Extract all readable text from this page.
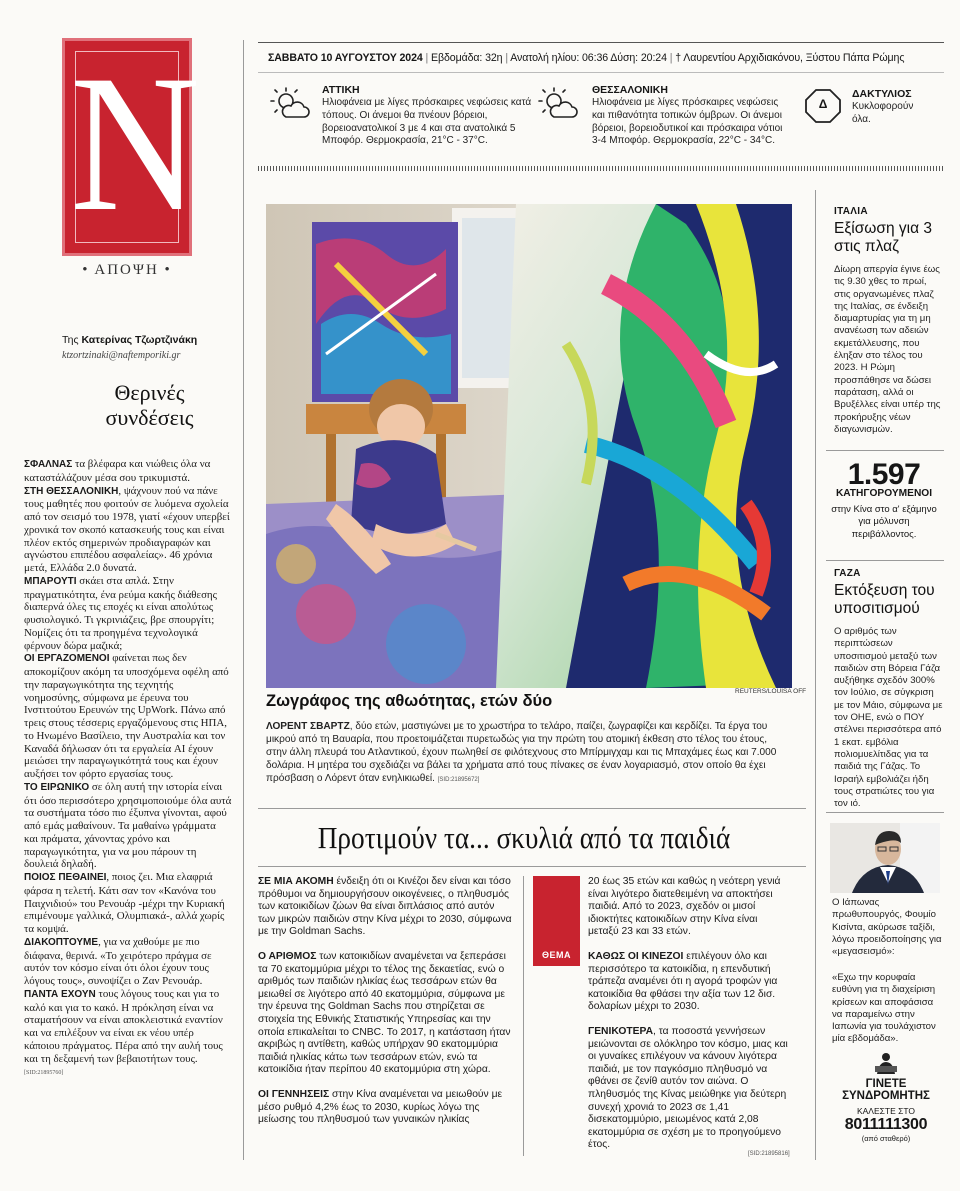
N
• ΑΠΟΨΗ •
Της Κατερίνας Τζωρτζινάκη
ktzortzinaki@naftemporiki.gr
Θερινές
συνδέσεις

ΣΦΑΛΝΑΣ τα βλέφαρα και νιώθεις όλα να καταστάλάζουν μέσα σου τρικυμιστά.

ΣΤΗ ΘΕΣΣΑΛΟΝΙΚΗ, ψάχνουν πού να πάνε τους μαθητές που φοιτούν σε λυόμενα σχολεία από τον σεισμό του 1978, γιατί «έχουν υπερβεί χρονικά τον σκοπό κατασκευής τους και είναι πλέον εκτός σημερινών προδιαγραφών και αγνώστου επιπέδου ασφαλείας». 46 χρόνια μετά, Ελλάδα 2.0 δυνατά.

ΜΠΑΡΟΥΤΙ σκάει στα απλά. Στην πραγματικότητα, ένα ρεύμα κακής διάθεσης διαπερνά όλες τις εποχές κι είναι απολύτως φυσιολογικό. Τι γκρινιάζεις, βρε σπουργίτι; Νομίζεις ότι τα προηγμένα τεχνολογικά φέρνουν δώρα μαζικά;

ΟΙ ΕΡΓΑΖΟΜΕΝΟΙ φαίνεται πως δεν αποκομίζουν ακόμη τα υποσχόμενα οφέλη από την παραγωγικότητα της τεχνητής νοημοσύνης, σύμφωνα με έρευνα του Ινστιτούτου Ερευνών της UpWork. Πάνω από τρεις στους τέσσερις εργαζόμενους στις ΗΠΑ, το Ηνωμένο Βασίλειο, την Αυστραλία και τον Καναδά δήλωσαν ότι τα εργαλεία AI έχουν μειώσει την παραγωγικότητά τους και έχουν αυξήσει τον φόρτο εργασίας τους.

ΤΟ ΕΙΡΩΝΙΚΟ σε όλη αυτή την ιστορία είναι ότι όσο περισσότερο χρησιμοποιούμε όλα αυτά τα συστήματα τόσο πιο έξυπνα γίνονται, αφού από εμάς μαθαίνουν. Τα μαθαίνω γράμματα και πράματα, χάνοντας χρόνο και παραγωγικότητα, για να μου πάρουν τη δουλειά δηλαδή.

ΠΟΙΟΣ ΠΕΘΑΙΝΕΙ, ποιος ζει. Μια ελαφριά φάρσα η τελετή. Κάτι σαν τον «Κανόνα του Παιχνιδιού» του Ρενουάρ -μέχρι την Κυριακή επιμένουμε γαλλικά, Ολυμπιακά-, αλλά χωρίς τα κομψά.

ΔΙΑΚΟΠΤΟΥΜΕ, για να χαθούμε με πιο διάφανα, θερινά. «Το χειρότερο πράγμα σε αυτόν τον κόσμο είναι ότι όλοι έχουν τους λόγους τους», συνοψίζει ο Ζαν Ρενουάρ.

ΠΑΝΤΑ ΕΧΟΥΝ τους λόγους τους και για το καλό και για το κακό. Η πρόκληση είναι να σταματήσουν να είναι αποκλειστικά εναντίον και να επιλέξουν να είναι εκ νέου υπέρ κάποιου πράγματος. Πέρα από την αυλή τους και τη δεξαμενή των βεβαιοτήτων τους. [SID:21895760]

ΣΑΒΒΑΤΟ 10 ΑΥΓΟΥΣΤΟΥ 2024 | Εβδομάδα: 32η | Ανατολή ηλίου: 06:36 Δύση: 20:24 | † Λαυρεντίου Αρχιδιακόνου, Ξύστου Πάπα Ρώμης
ΑΤΤΙΚΗ
Ηλιοφάνεια με λίγες πρόσκαιρες νεφώσεις κατά τόπους. Οι άνεμοι θα πνέουν βόρειοι, βορειοανατολικοί 3 με 4 και στα ανατολικά 5 Μποφόρ. Θερμοκρασία, 21°C - 37°C.
ΘΕΣΣΑΛΟΝΙΚΗ
Ηλιοφάνεια με λίγες πρόσκαιρες νεφώσεις και πιθανότητα τοπικών όμβρων. Οι άνεμοι βόρειοι, βορειοδυτικοί και πρόσκαιρα νότιοι 3-4 Μποφόρ. Θερμοκρασία, 22°C - 34°C.
Δ
ΔΑΚΤΥΛΙΟΣ
Κυκλοφορούν όλα.
REUTERS/LOUISA OFF
Ζωγράφος της αθωότητας, ετών δύο
ΛΟΡΕΝΤ ΣΒΑΡΤΖ, δύο ετών, μαστιγώνει με το χρωστήρα το τελάρο, παίζει, ζωγραφίζει και κερδίζει. Τα έργα του μικρού από τη Βαυαρία, που προετοιμάζεται πυρετωδώς για την πρώτη του ατομική έκθεση στο τέλος του έτους, στην άλλη πλευρά του Ατλαντικού, έχουν πωληθεί σε φιλότεχνους στο Μπίρμιγχαμ και τις Μπαχάμες έως και 7.000 δολάρια. Η μητέρα του σχεδιάζει να βάλει τα χρήματα από τους πίνακες σε έναν λογαριασμό, στον οποίο θα έχει πρόσβαση ο Λόρεντ όταν ενηλικιωθεί. [SID:21895672]
Προτιμούν τα... σκυλιά από τα παιδιά

ΣΕ ΜΙΑ ΑΚΟΜΗ ένδειξη ότι οι Κινέζοι δεν είναι και τόσο πρόθυμοι να δημιουργήσουν οικογένειες, ο πληθυσμός των κατοικιδίων ζώων θα είναι διπλάσιος από αυτόν των μικρών παιδιών στην Κίνα μέχρι το 2030, σύμφωνα με την Goldman Sachs.

Ο ΑΡΙΘΜΟΣ των κατοικιδίων αναμένεται να ξεπεράσει τα 70 εκατομμύρια μέχρι το τέλος της δεκαετίας, ενώ ο αριθμός των παιδιών ηλικίας έως τεσσάρων ετών θα μειωθεί σε λιγότερο από 40 εκατομμύρια, σύμφωνα με την έρευνα της Goldman Sachs που στηρίζεται σε στοιχεία της Εθνικής Στατιστικής Υπηρεσίας και την οποία επικαλείται το CNBC. Το 2017, η κατάσταση ήταν ακριβώς η αντίθετη, καθώς υπήρχαν 90 εκατομμύρια παιδιά ηλικίας κάτω των τεσσάρων ετών, ενώ τα κατοικίδια ήταν περίπου 40 εκατομμύρια στη χώρα.

ΟΙ ΓΕΝΝΗΣΕΙΣ στην Κίνα αναμένεται να μειωθούν με μέσο ρυθμό 4,2% έως το 2030, κυρίως λόγω της μείωσης του πληθυσμού των γυναικών ηλικίας

ΘΕΜΑ

20 έως 35 ετών και καθώς η νεότερη γενιά είναι λιγότερο διατεθειμένη να αποκτήσει παιδιά. Από το 2023, σχεδόν οι μισοί ιδιοκτήτες κατοικιδίων στην Κίνα είναι μεταξύ 23 και 33 ετών.

ΚΑΘΩΣ ΟΙ ΚΙΝΕΖΟΙ επιλέγουν όλο και περισσότερο τα κατοικίδια, η επενδυτική τράπεζα αναμένει ότι η αγορά τροφών για κατοικίδια θα φθάσει την αξία των 12 δισ. δολαρίων μέχρι το 2030.

ΓΕΝΙΚΟΤΕΡΑ, τα ποσοστά γεννήσεων μειώνονται σε ολόκληρο τον κόσμο, μιας και οι γυναίκες επιλέγουν να κάνουν λιγότερα παιδιά, με τον παγκόσμιο πληθυσμό να φθάνει σε ζενίθ αυτόν τον αιώνα. Ο πληθυσμός της Κίνας μειώθηκε για δεύτερη συνεχή χρονιά το 2023 σε 1,41 δισεκατομμύριο, μειωμένος κατά 2,08 εκατομμύρια σε σχέση με το προηγούμενο έτος.

[SID:21895816]
ΙΤΑΛΙΑ
Εξίσωση για 3 στις πλαζ
Δίωρη απεργία έγινε έως τις 9.30 χθες το πρωί, στις οργανωμένες πλαζ της Ιταλίας, σε ένδειξη διαμαρτυρίας για τη μη ανανέωση των αδειών εκμετάλλευσης, που έληξαν στο τέλος του 2023. Η Ρώμη προσπάθησε να δώσει παράταση, αλλά οι Βρυξέλλες είναι υπέρ της προκήρυξης νέων διαγωνισμών.
1.597
ΚΑΤΗΓΟΡΟΥΜΕΝΟΙ
στην Κίνα στο α' εξάμηνο για μόλυνση περιβάλλοντος.
ΓΑΖΑ
Εκτόξευση του υποσιτισμού
Ο αριθμός των περιπτώσεων υποσιτισμού μεταξύ των παιδιών στη Βόρεια Γάζα αυξήθηκε σχεδόν 300% τον Ιούλιο, σε σύγκριση με τον Μάιο, σύμφωνα με τον ΟΗΕ, ενώ ο ΠΟΥ στέλνει περισσότερα από 1 εκατ. εμβόλια πολιομυελίτιδας για τα παιδιά της Γάζας. Το Ισραήλ εμβολιάζει ήδη τους στρατιώτες του για τον ιό.
Ο Ιάπωνας πρωθυπουργός, Φουμίο Κισίντα, ακύρωσε ταξίδι, λόγω προειδοποίησης για «μεγασεισμό»:
«Εχω την κορυφαία ευθύνη για τη διαχείριση κρίσεων και αποφάσισα να παραμείνω στην Ιαπωνία για τουλάχιστον μία εβδομάδα».
ΓΙΝΕΤΕ
ΣΥΝΔΡΟΜΗΤΗΣ
ΚΑΛΕΣΤΕ ΣΤΟ
8011111300
(από σταθερό)
